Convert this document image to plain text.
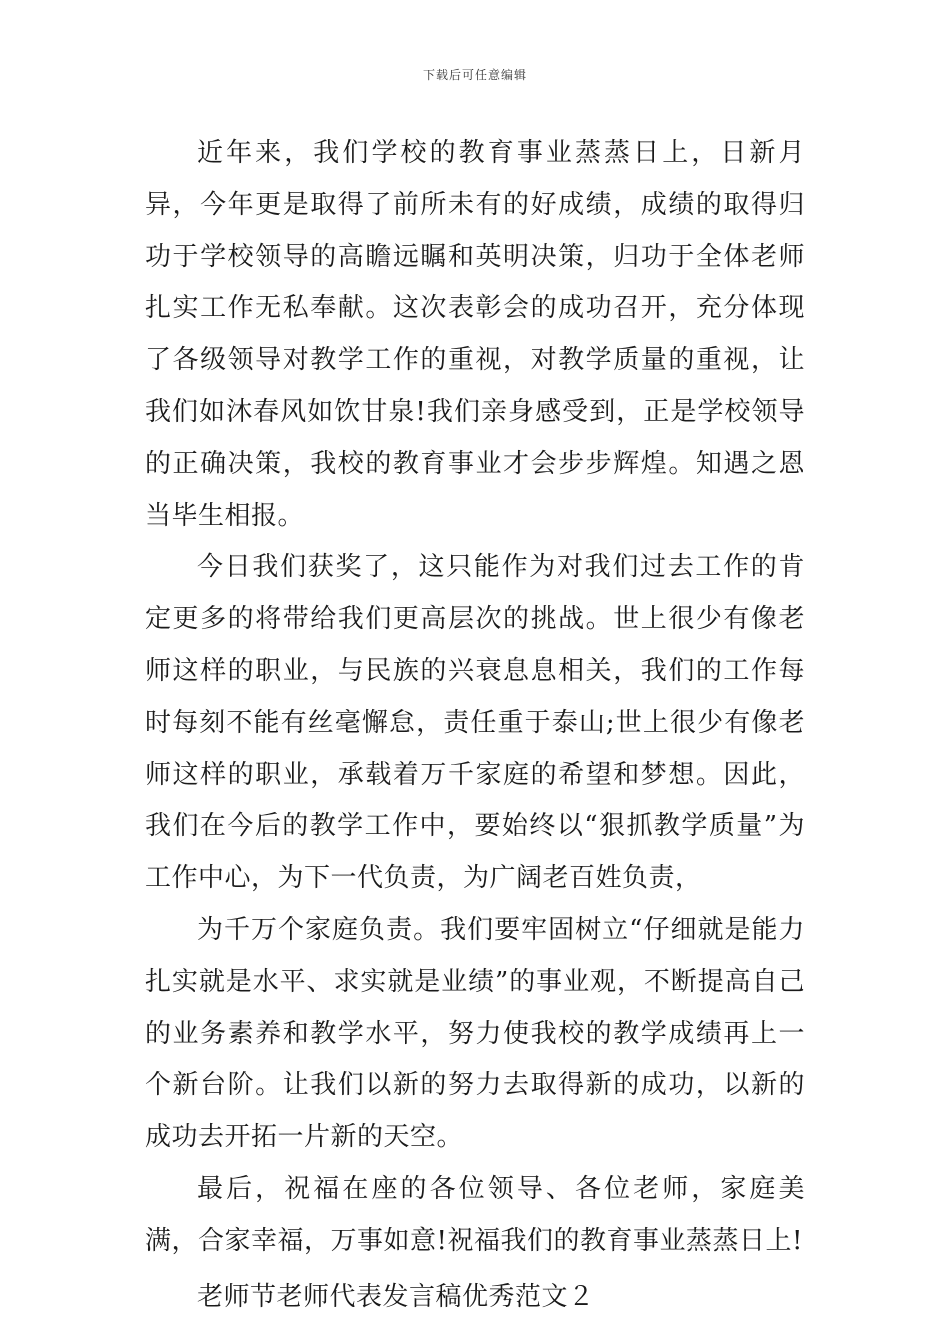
下载后可任意编辑

近年来，我们学校的教育事业蒸蒸日上，日新月异，今年更是取得了前所未有的好成绩，成绩的取得归功于学校领导的高瞻远瞩和英明决策，归功于全体老师扎实工作无私奉献。这次表彰会的成功召开，充分体现了各级领导对教学工作的重视，对教学质量的重视，让我们如沐春风如饮甘泉!我们亲身感受到，正是学校领导的正确决策，我校的教育事业才会步步辉煌。知遇之恩当毕生相报。

今日我们获奖了，这只能作为对我们过去工作的肯定更多的将带给我们更高层次的挑战。世上很少有像老师这样的职业，与民族的兴衰息息相关，我们的工作每时每刻不能有丝毫懈怠，责任重于泰山;世上很少有像老师这样的职业，承载着万千家庭的希望和梦想。因此，我们在今后的教学工作中，要始终以“狠抓教学质量”为工作中心，为下一代负责，为广阔老百姓负责，

为千万个家庭负责。我们要牢固树立“仔细就是能力扎实就是水平、求实就是业绩”的事业观，不断提高自己的业务素养和教学水平，努力使我校的教学成绩再上一个新台阶。让我们以新的努力去取得新的成功，以新的成功去开拓一片新的天空。

最后，祝福在座的各位领导、各位老师，家庭美满，合家幸福，万事如意!祝福我们的教育事业蒸蒸日上!

老师节老师代表发言稿优秀范文２
